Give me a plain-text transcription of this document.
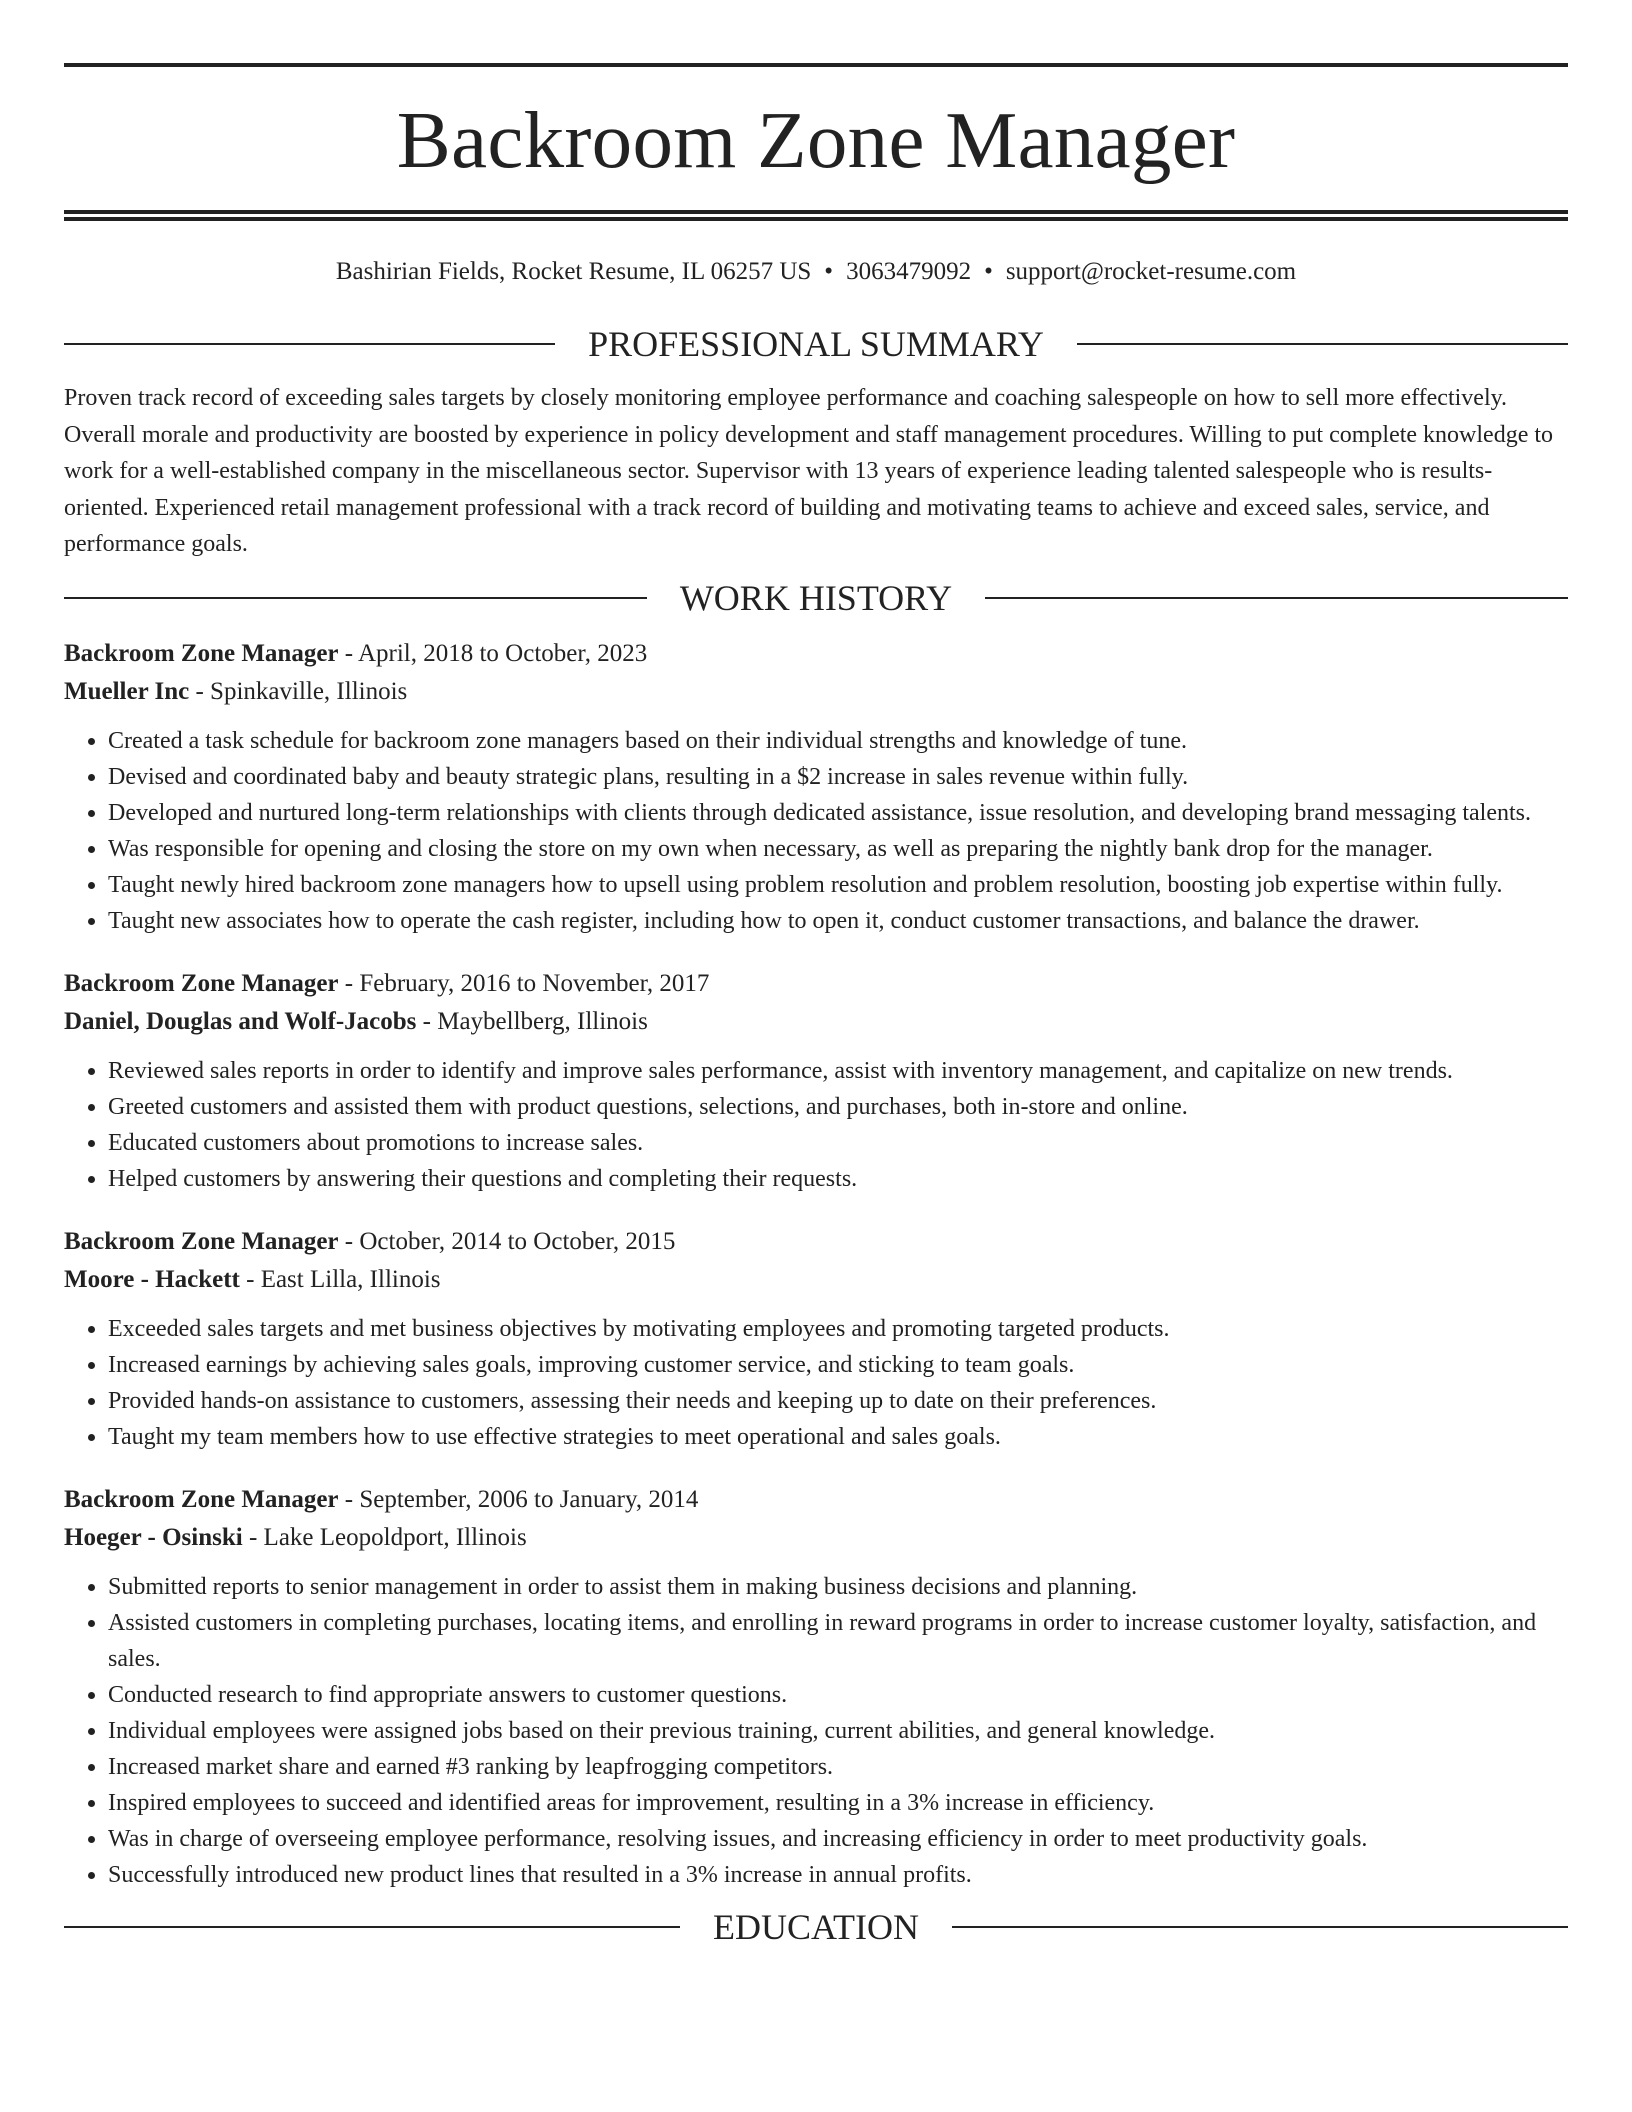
Backroom Zone Manager
Bashirian Fields, Rocket Resume, IL 06257 US • 3063479092 • support@rocket-resume.com
PROFESSIONAL SUMMARY

Proven track record of exceeding sales targets by closely monitoring employee performance and coaching salespeople on how to sell more effectively. Overall morale and productivity are boosted by experience in policy development and staff management procedures. Willing to put complete knowledge to work for a well-established company in the miscellaneous sector. Supervisor with 13 years of experience leading talented salespeople who is results-oriented. Experienced retail management professional with a track record of building and motivating teams to achieve and exceed sales, service, and performance goals.

WORK HISTORY
Backroom Zone Manager - April, 2018 to October, 2023
Mueller Inc - Spinkaville, Illinois
• Created a task schedule for backroom zone managers based on their individual strengths and knowledge of tune.
• Devised and coordinated baby and beauty strategic plans, resulting in a $2 increase in sales revenue within fully.
• Developed and nurtured long-term relationships with clients through dedicated assistance, issue resolution, and developing brand messaging talents.
• Was responsible for opening and closing the store on my own when necessary, as well as preparing the nightly bank drop for the manager.
• Taught newly hired backroom zone managers how to upsell using problem resolution and problem resolution, boosting job expertise within fully.
• Taught new associates how to operate the cash register, including how to open it, conduct customer transactions, and balance the drawer.
Backroom Zone Manager - February, 2016 to November, 2017
Daniel, Douglas and Wolf-Jacobs - Maybellberg, Illinois
• Reviewed sales reports in order to identify and improve sales performance, assist with inventory management, and capitalize on new trends.
• Greeted customers and assisted them with product questions, selections, and purchases, both in-store and online.
• Educated customers about promotions to increase sales.
• Helped customers by answering their questions and completing their requests.
Backroom Zone Manager - October, 2014 to October, 2015
Moore - Hackett - East Lilla, Illinois
• Exceeded sales targets and met business objectives by motivating employees and promoting targeted products.
• Increased earnings by achieving sales goals, improving customer service, and sticking to team goals.
• Provided hands-on assistance to customers, assessing their needs and keeping up to date on their preferences.
• Taught my team members how to use effective strategies to meet operational and sales goals.
Backroom Zone Manager - September, 2006 to January, 2014
Hoeger - Osinski - Lake Leopoldport, Illinois
• Submitted reports to senior management in order to assist them in making business decisions and planning.
• Assisted customers in completing purchases, locating items, and enrolling in reward programs in order to increase customer loyalty, satisfaction, and sales.
• Conducted research to find appropriate answers to customer questions.
• Individual employees were assigned jobs based on their previous training, current abilities, and general knowledge.
• Increased market share and earned #3 ranking by leapfrogging competitors.
• Inspired employees to succeed and identified areas for improvement, resulting in a 3% increase in efficiency.
• Was in charge of overseeing employee performance, resolving issues, and increasing efficiency in order to meet productivity goals.
• Successfully introduced new product lines that resulted in a 3% increase in annual profits.
EDUCATION
